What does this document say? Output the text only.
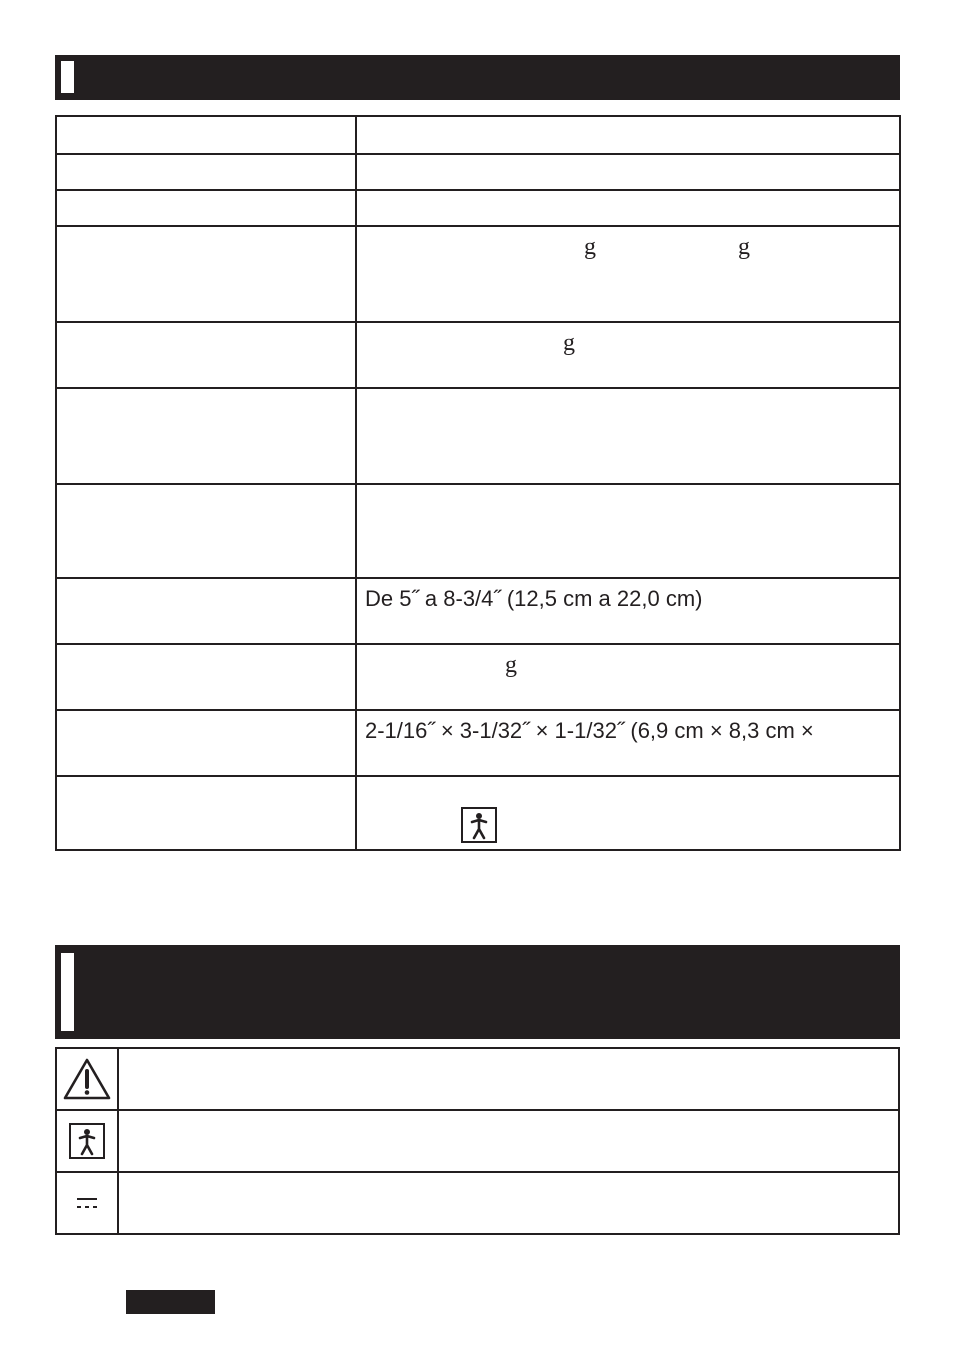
	g g

	g

	De 5˝ a 8-3/4˝ (12,5 cm a 22,0 cm)

	g

	2-1/16˝ × 3-1/32˝ × 1-1/32˝ (6,9 cm × 8,3 cm ×
